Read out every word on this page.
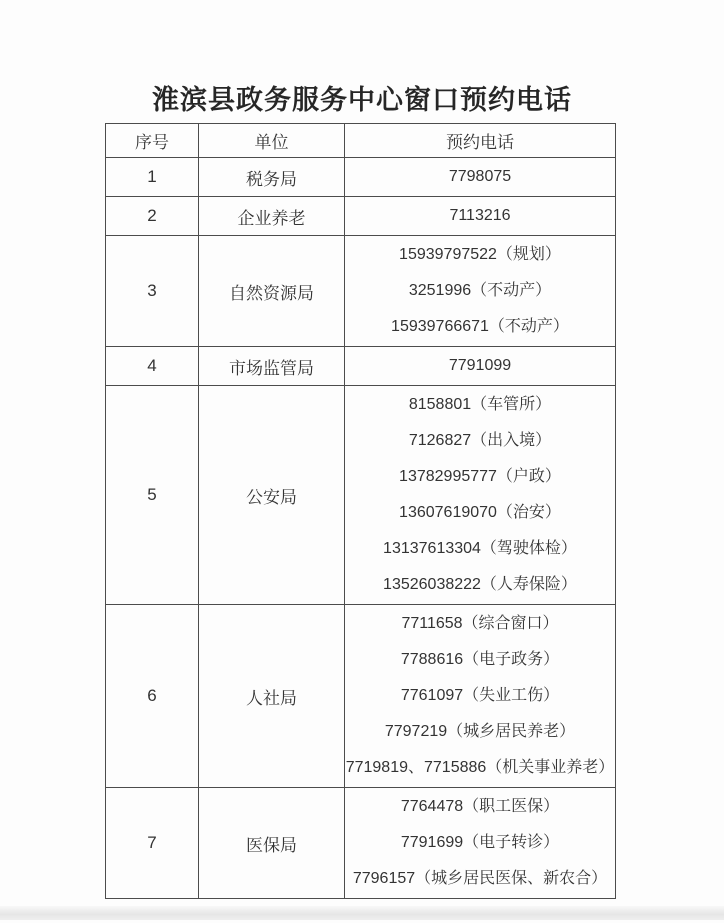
淮滨县政务服务中心窗口预约电话
序号	单位	预约电话
1	税务局	7798075

2	企业养老	7113216

3	自然资源局	15939797522（规划）
3251996（不动产）
15939766671（不动产）

4	市场监管局	7791099

5	公安局	
8158801（车管所）
7126827（出入境）
13782995777（户政）
13607619070（治安）
13137613304（驾驶体检）
13526038222（人寿保险）

6	人社局	7711658（综合窗口）
7788616（电子政务）
7761097（失业工伤）
7797219（城乡居民养老）
7719819、7715886（机关事业养老）

7	医保局	7764478（职工医保）
7791699（电子转诊）
7796157（城乡居民医保、新农合）
